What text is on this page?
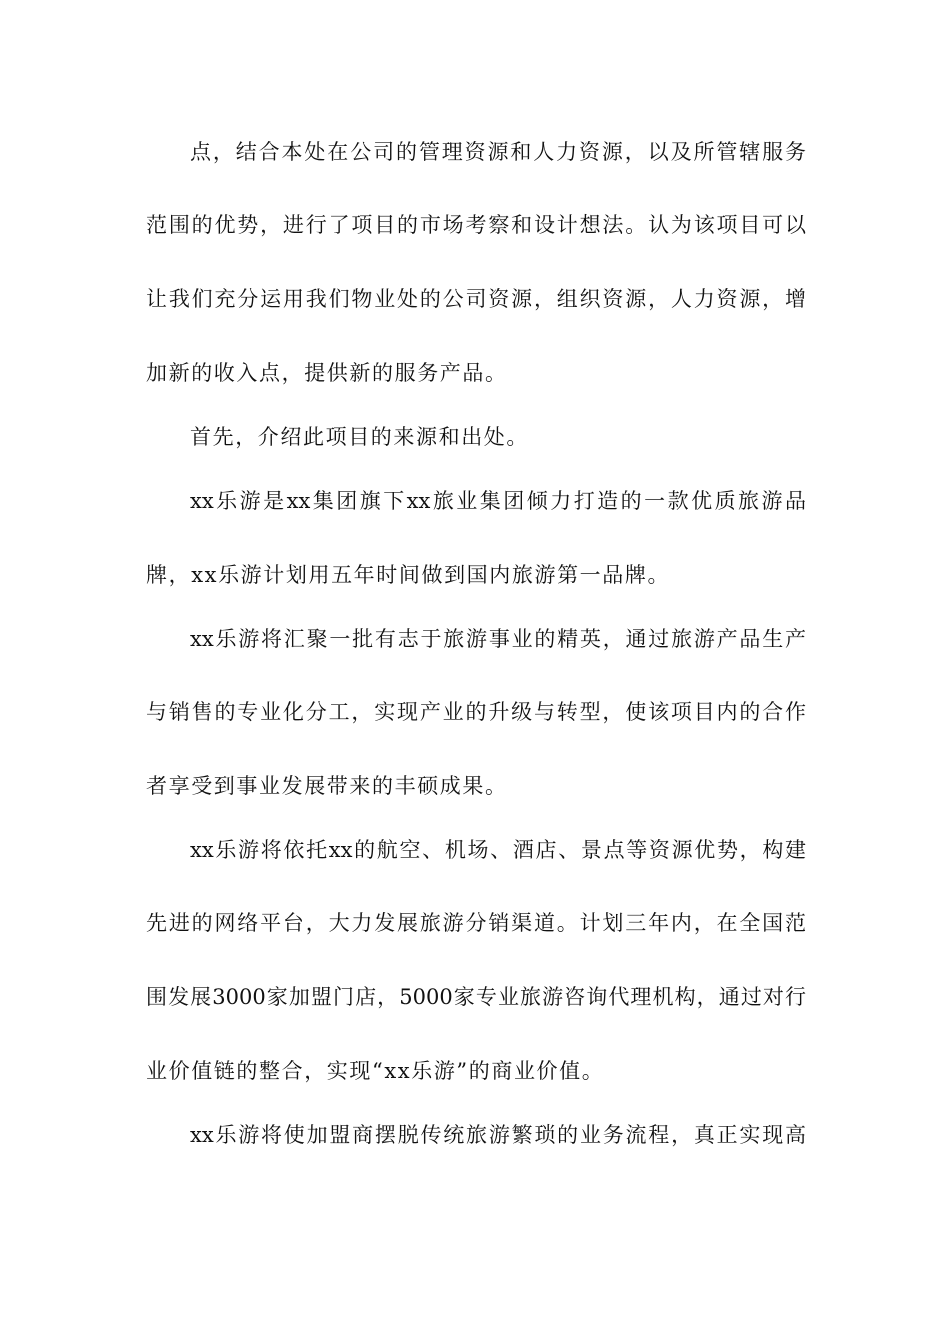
点，结合本处在公司的管理资源和人力资源，以及所管辖服务
范围的优势，进行了项目的市场考察和设计想法。认为该项目可以
让我们充分运用我们物业处的公司资源，组织资源，人力资源，增
加新的收入点，提供新的服务产品。
首先，介绍此项目的来源和出处。
xx乐游是xx集团旗下xx旅业集团倾力打造的一款优质旅游品
牌，xx乐游计划用五年时间做到国内旅游第一品牌。
xx乐游将汇聚一批有志于旅游事业的精英，通过旅游产品生产
与销售的专业化分工，实现产业的升级与转型，使该项目内的合作
者享受到事业发展带来的丰硕成果。
xx乐游将依托xx的航空、机场、酒店、景点等资源优势，构建
先进的网络平台，大力发展旅游分销渠道。计划三年内，在全国范
围发展3000家加盟门店，5000家专业旅游咨询代理机构，通过对行
业价值链的整合，实现“xx乐游”的商业价值。
xx乐游将使加盟商摆脱传统旅游繁琐的业务流程，真正实现高
